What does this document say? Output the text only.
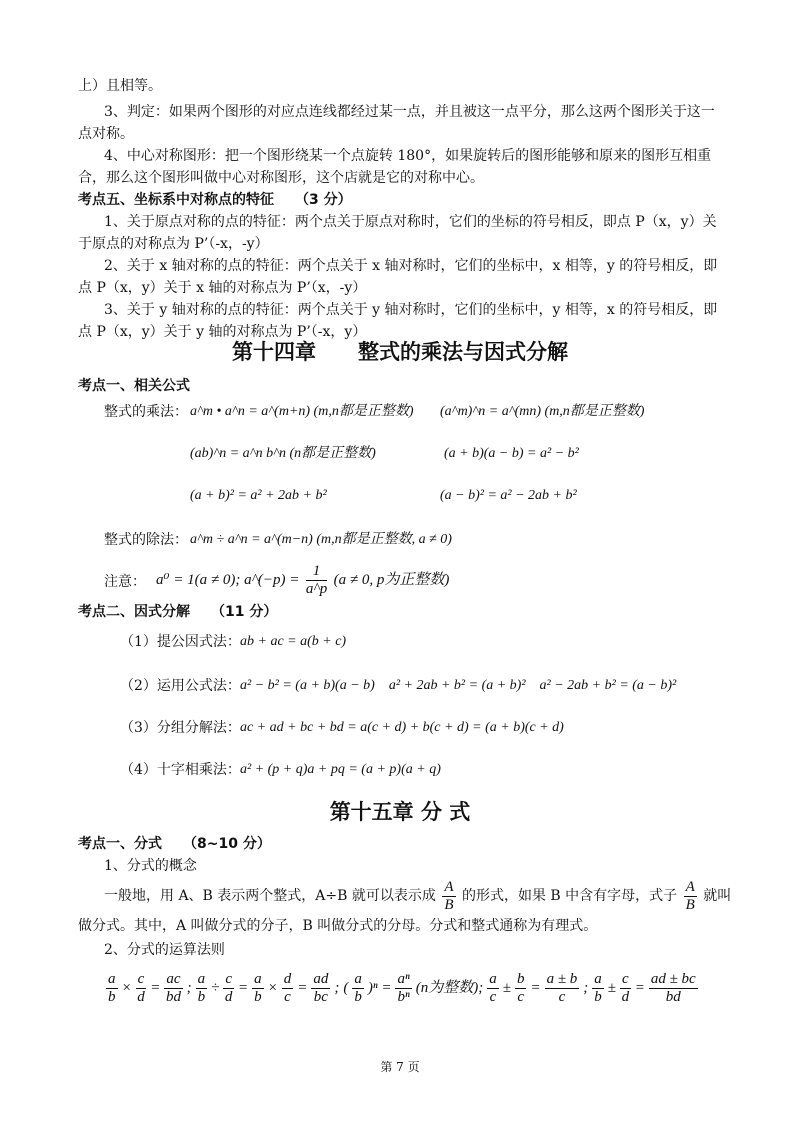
上）且相等。
3、判定：如果两个图形的对应点连线都经过某一点，并且被这一点平分，那么这两个图形关于这一
点对称。
4、中心对称图形：把一个图形绕某一个点旋转 180°，如果旋转后的图形能够和原来的图形互相重
合，那么这个图形叫做中心对称图形，这个店就是它的对称中心。
考点五、坐标系中对称点的特征　　（3 分）
1、关于原点对称的点的特征：两个点关于原点对称时，它们的坐标的符号相反，即点 P（x，y）关
于原点的对称点为 P’（-x，-y）
2、关于 x 轴对称的点的特征：两个点关于 x 轴对称时，它们的坐标中，x 相等，y 的符号相反，即
点 P（x，y）关于 x 轴的对称点为 P’（x，-y）
3、关于 y 轴对称的点的特征：两个点关于 y 轴对称时，它们的坐标中，y 相等，x 的符号相反，即
点 P（x，y）关于 y 轴的对称点为 P’（-x，y）
第十四章　　整式的乘法与因式分解
考点一、相关公式
整式的乘法： a^m • a^n = a^(m+n) (m,n都是正整数) (a^m)^n = a^(mn) (m,n都是正整数)
(ab)^n = a^n b^n (n都是正整数)	(a + b)(a − b) = a² − b²
(a + b)² = a² + 2ab + b²	(a − b)² = a² − 2ab + b²
整式的除法： a^m ÷ a^n = a^(m−n) (m,n都是正整数, a ≠ 0)
注意： a⁰ = 1(a ≠ 0); a^(−p) = $\frac{1}{a\^{}p} (a \ne 0$, p为正整数)
考点二、因式分解　　（11 分）
（1）提公因式法： ab + ac = a(b + c)
（2）运用公式法： a² − b² = (a + b)(a − b)　a² + 2ab + b² = (a + b)²　a² − 2ab + b² = (a − b)²
（3）分组分解法： ac + ad + bc + bd = a(c + d) + b(c + d) = (a + b)(c + d)
（4）十字相乘法： a² + (p + q)a + pq = (a + p)(a + q)
第十五章 分 式
考点一、分式　　（8~10 分）
1、分式的概念
一般地，用 A、B 表示两个整式，A÷B 就可以表示成 $\frac{A}{B}$ 的形式，如果 B 中含有字母，式子 $\frac{A}{B}$ 就叫
做分式。其中，A 叫做分式的分子，B 叫做分式的分母。分式和整式通称为有理式。
2、分式的运算法则
$\frac{a}{b} \times \frac{c}{d} = \frac{ac}{bd}$ ; $\frac{a}{b} \div \frac{c}{d} = \frac{a}{b} \times \frac{d}{c} = \frac{ad}{bc}$ ; ( $\frac{a}{b} )^n = \frac{\text{aⁿ}}{\text{bⁿ}} (n$为整数); $\frac{a}{c} \pm \frac{b}{c} = \frac{a \pm b}{c}$ ; $\frac{a}{b} \pm \frac{c}{d} = \frac{ad \pm bc}{bd}$
第 7 页
